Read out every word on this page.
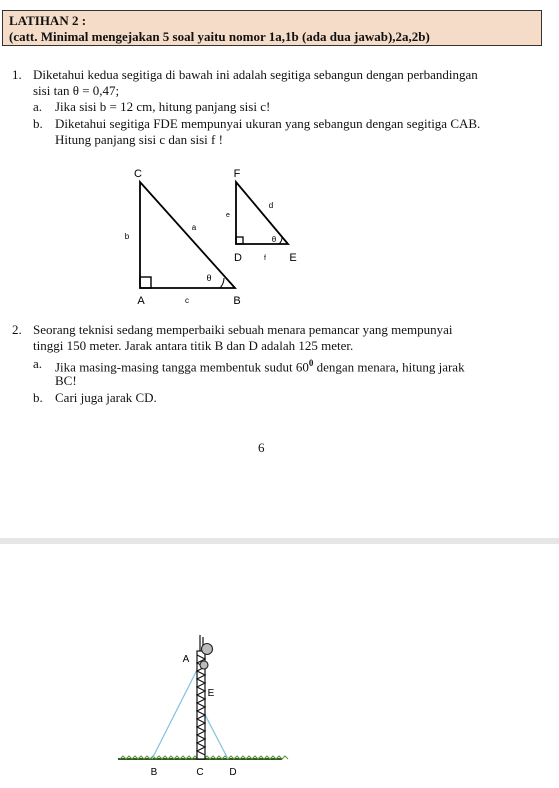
LATIHAN 2 :
(catt. Minimal mengejakan 5 soal yaitu nomor 1a,1b (ada dua jawab),2a,2b)
1. Diketahui kedua segitiga di bawah ini adalah segitiga sebangun dengan perbandingan
sisi tan θ = 0,47;
a. Jika sisi b = 12 cm, hitung panjang sisi c!
b. Diketahui segitiga FDE mempunyai ukuran yang sebangun dengan segitiga CAB.
Hitung panjang sisi c dan sisi f !
C
A	B
b
a
c
θ
F
D	E
e
d
f
θ
2. Seorang teknisi sedang memperbaiki sebuah menara pemancar yang mempunyai
tinggi 150 meter. Jarak antara titik B dan D adalah 125 meter.
a. Jika masing-masing tangga membentuk sudut $60^0$ dengan menara, hitung jarak
BC!
b. Cari juga jarak CD.
6
A
E
B	C	D
